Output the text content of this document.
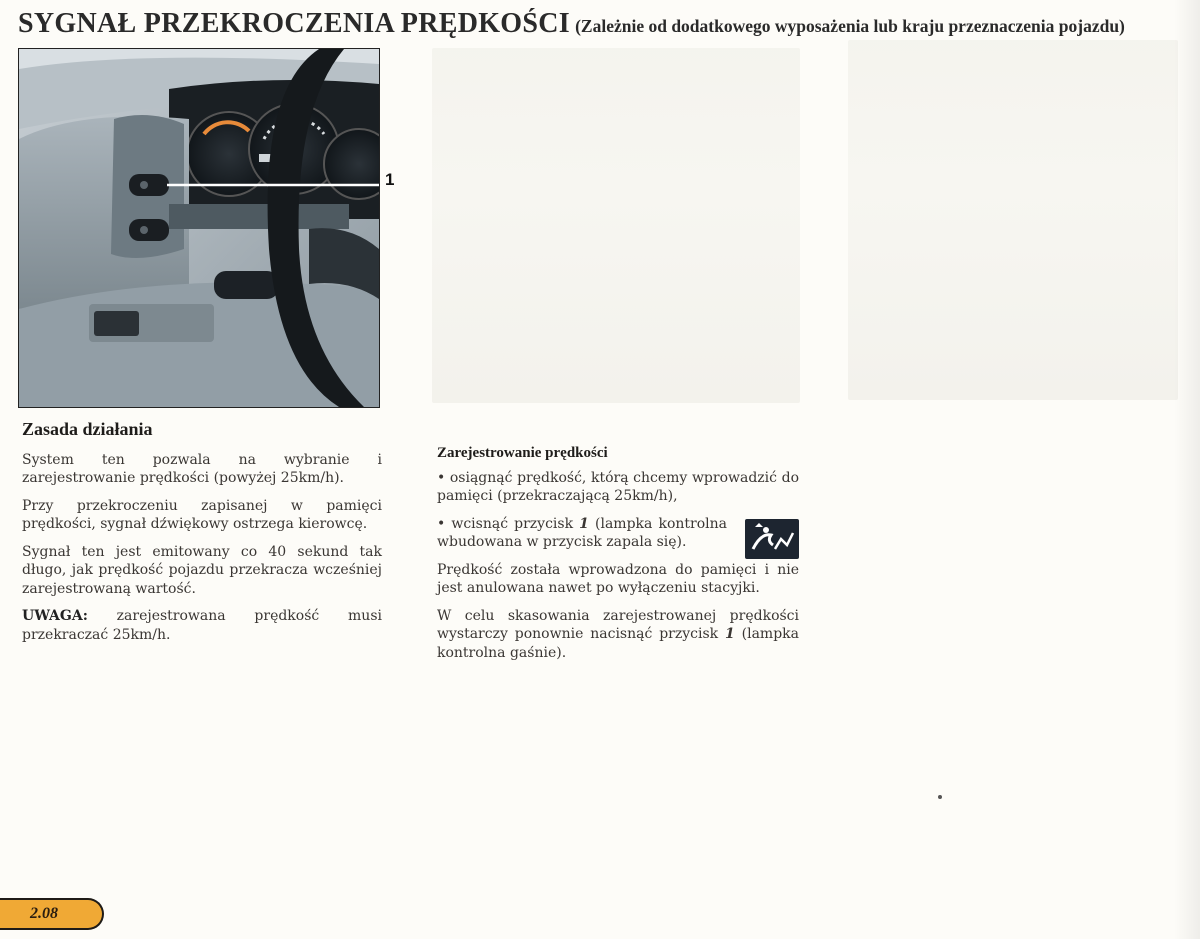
SYGNAŁ PRZEKROCZENIA PRĘDKOŚCI (Zależnie od dodatkowego wyposażenia lub kraju przeznaczenia pojazdu)
1
Zasada działania

System ten pozwala na wybranie i zarejestrowanie prędkości (powyżej 25km/h).

Przy przekroczeniu zapisanej w pamięci prędkości, sygnał dźwiękowy ostrzega kierowcę.

Sygnał ten jest emitowany co 40 sekund tak długo, jak prędkość pojazdu przekracza wcześniej zarejestrowaną wartość.

UWAGA: zarejestrowana prędkość musi przekraczać 25km/h.

Zarejestrowanie prędkości

• osiągnąć prędkość, którą chcemy wprowadzić do pamięci (przekraczającą 25km/h),

• wcisnąć przycisk 1 (lampka kontrolna wbudowana w przycisk zapala się).

Prędkość została wprowadzona do pamięci i nie jest anulowana nawet po wyłączeniu stacyjki.

W celu skasowania zarejestrowanej prędkości wystarczy ponownie nacisnąć przycisk 1 (lampka kontrolna gaśnie).

2.08
